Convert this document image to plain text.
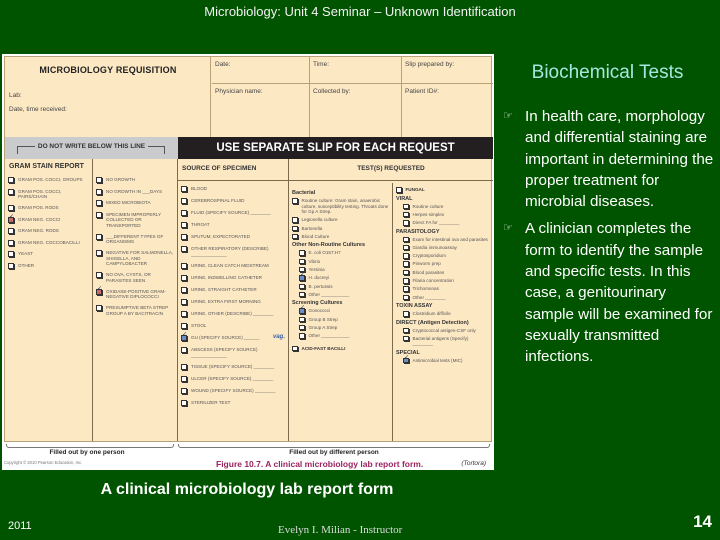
Microbiology: Unit 4 Seminar – Unknown Identification
MICROBIOLOGY REQUISITION
Lab:
Date, time received:
Date:	Time:	Slip prepared by:
Physician name:	Collected by:	Patient ID#:
DO NOT WRITE BELOW THIS LINE	USE SEPARATE SLIP FOR EACH REQUEST
GRAM STAIN REPORT
GRAM POS. COCCI, GROUPS
GRAM POS. COCCI, PAIRS/CHAIN
GRAM POS. RODS
✓
GRAM NEG. COCCI
GRAM NEG. RODS
GRAM NEG. COCCOBACILLI
YEAST
OTHER
NO GROWTH
NO GROWTH IN ___DAYS
MIXED MICROBIOTA
SPECIMEN IMPROPERLY COLLECTED OR TRANSPORTED
___DIFFERENT TYPES OF ORGANISMS
NEGATIVE FOR SALMONELLA, SHIGELLA, AND CAMPYLOBACTER
NO OVA, CYSTS, OR PARASITES SEEN
✓
OXIDASE-POSITIVE GRAM-NEGATIVE DIPLOCOCCI
PRESUMPTIVE BETA STREP GROUP A BY BACITRACIN
SOURCE OF SPECIMEN
BLOOD
CEREBROSPINAL FLUID
FLUID (SPECIFY SOURCE) ________
THROAT
SPUTUM, EXPECTORATED
OTHER RESPIRATORY (DESCRIBE) ______________
URINE, CLEAN CATCH MIDSTREAM
URINE, INDWELLING CATHETER
URINE, STRAIGHT CATHETER
URINE, EXTRA FIRST MORNING
URINE, OTHER (DESCRIBE) ________
STOOL
✓
GU (SPECIFY SOURCE) ______	vag.
ABSCESS (SPECIFY SOURCE) ______________
TISSUE (SPECIFY SOURCE) ________
ULCER (SPECIFY SOURCE) ________
WOUND (SPECIFY SOURCE) ________
STERILIZER TEST
TEST(S) REQUESTED
Bacterial
Routine culture: Gram stain, anaerobic culture, susceptibility testing. Throats done for Gp A Strep.
Legionella culture
Bartonella
Blood Culture
Other Non-Routine Cultures
E. coli O157:H7
Vibrio
Yersinia
✓
H. ducreyi
B. pertussis
Other ___________
Screening Cultures
✓
Gonococci
Group B Strep
Group A Strep
Other ___________
ACID-FAST BACILLI
FUNGAL
VIRAL
Routine culture
Herpes simplex
Direct FA for ________
PARASITOLOGY
Exam for intestinal ova and parasites
Giardia immunoassay
Cryptosporidium
Pinworm prep
Blood parasites
Filaria concentration
Trichomonas
Other ________
TOXIN ASSAY
Clostridium difficile
DIRECT (Antigen Detection)
Cryptococcal antigen-CSF only
Bacterial antigens (Specify) ________
SPECIAL
✓
Antimicrobial tests (MIC)
Filled out by one person	Filled out by different person
Copyright © 2010 Pearson Education, Inc.	Figure 10.7. A clinical microbiology lab report form.	(Tortora)
A clinical microbiology lab report form
Biochemical Tests
☞ In health care, morphology and differential staining are important in determining the proper treatment for microbial diseases.
☞ A clinician completes the form to identify the sample and specific tests. In this case, a genitourinary sample will be examined for sexually transmitted infections.
2011	Evelyn I. Milian - Instructor	14
